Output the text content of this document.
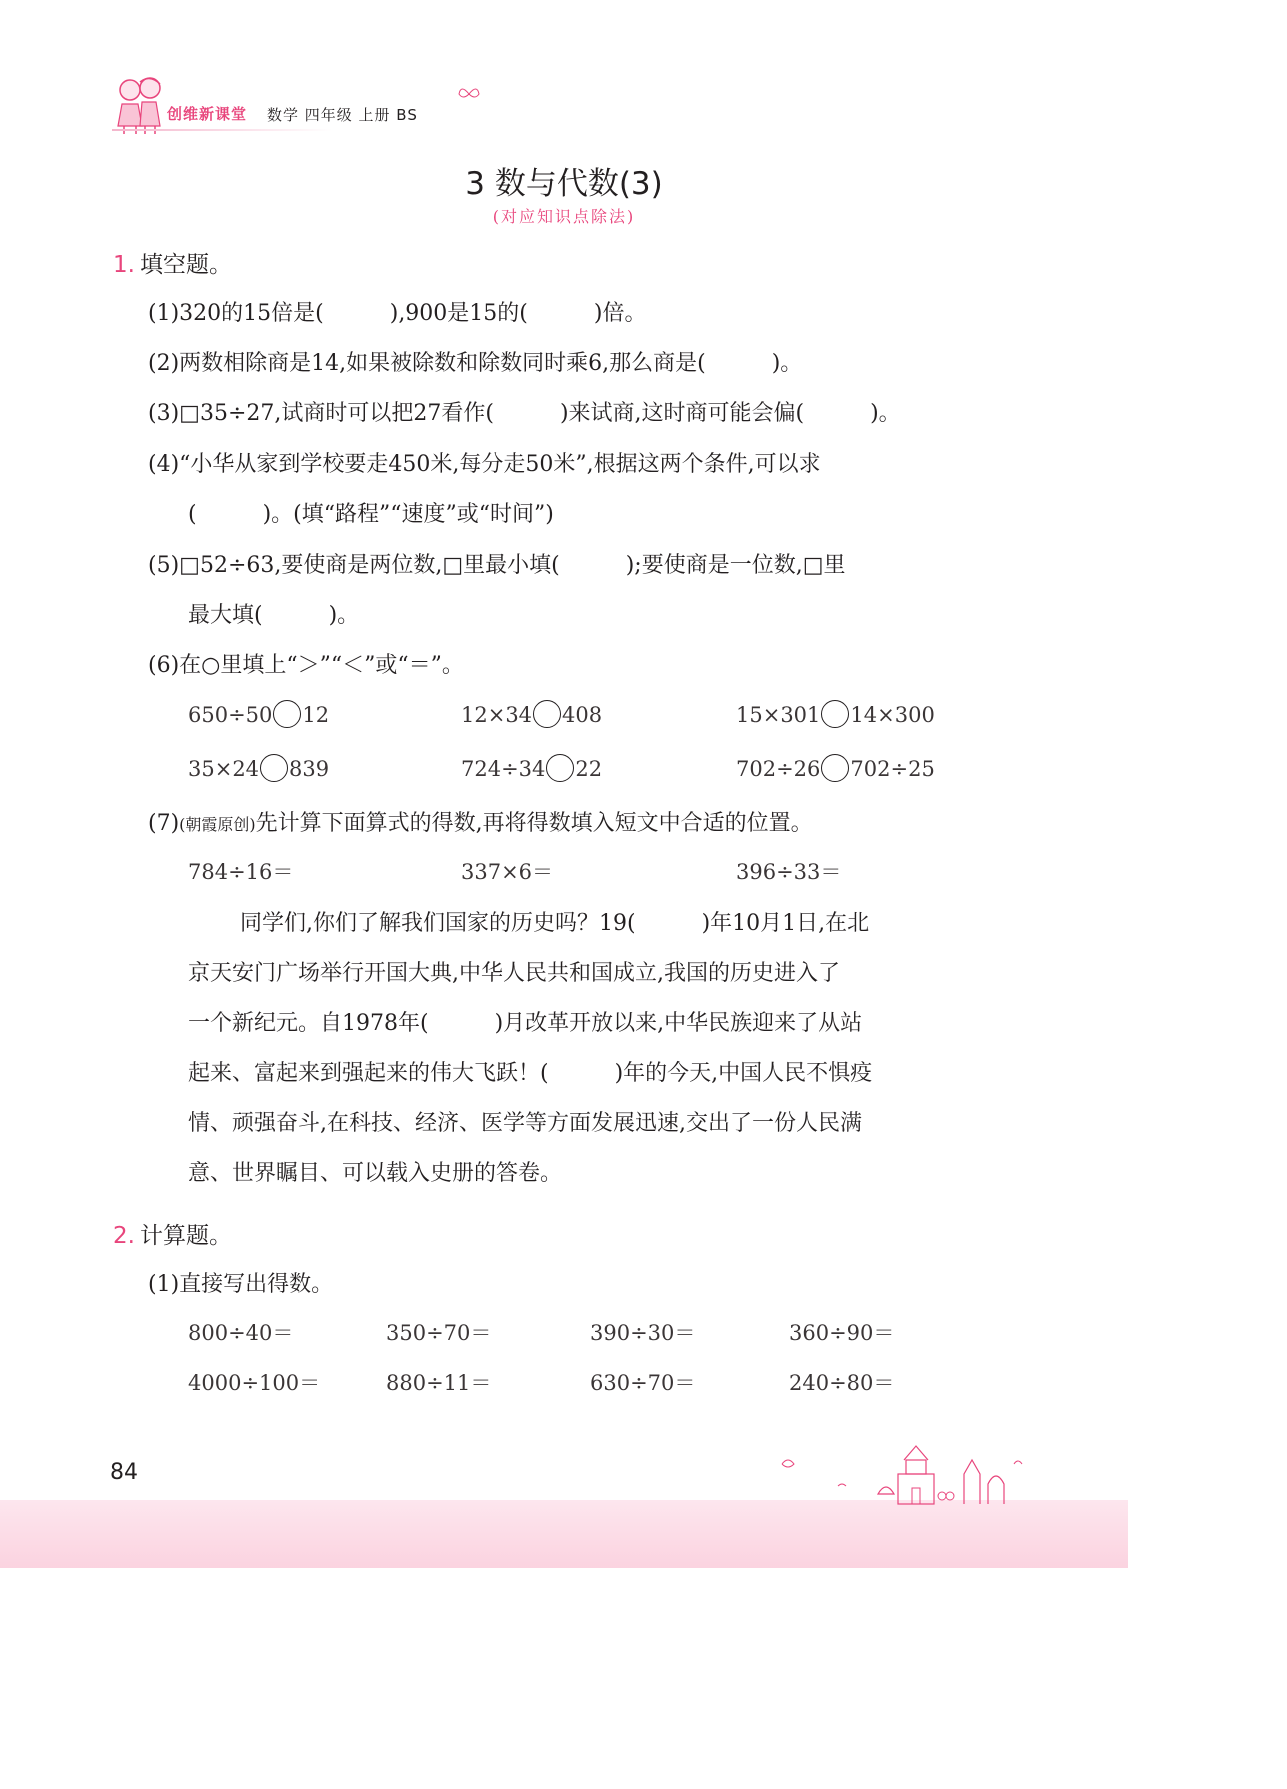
创维新课堂 数学 四年级 上册 BS
3 数与代数(3)
(对应知识点除法)
1. 填空题。
(1)320的15倍是(　　　),900是15的(　　　)倍。
(2)两数相除商是14,如果被除数和除数同时乘6,那么商是(　　　)。
(3)□35÷27,试商时可以把27看作(　　　)来试商,这时商可能会偏(　　　)。
(4)“小华从家到学校要走450米,每分走50米”,根据这两个条件,可以求
(　　　)。(填“路程”“速度”或“时间”)
(5)□52÷63,要使商是两位数,□里最小填(　　　);要使商是一位数,□里
最大填(　　　)。
(6)在○里填上“＞”“＜”或“＝”。
650÷50 12	12×34 408	15×301 14×300
35×24 839	724÷34 22	702÷26 702÷25
(7)(朝霞原创)先计算下面算式的得数,再将得数填入短文中合适的位置。
784÷16＝	337×6＝	396÷33＝
同学们,你们了解我们国家的历史吗？19(　　　)年10月1日,在北
京天安门广场举行开国大典,中华人民共和国成立,我国的历史进入了
一个新纪元。自1978年(　　　)月改革开放以来,中华民族迎来了从站
起来、富起来到强起来的伟大飞跃！(　　　)年的今天,中国人民不惧疫
情、顽强奋斗,在科技、经济、医学等方面发展迅速,交出了一份人民满
意、世界瞩目、可以载入史册的答卷。
2. 计算题。
(1)直接写出得数。
800÷40＝	350÷70＝	390÷30＝	360÷90＝
4000÷100＝	880÷11＝	630÷70＝	240÷80＝
84
